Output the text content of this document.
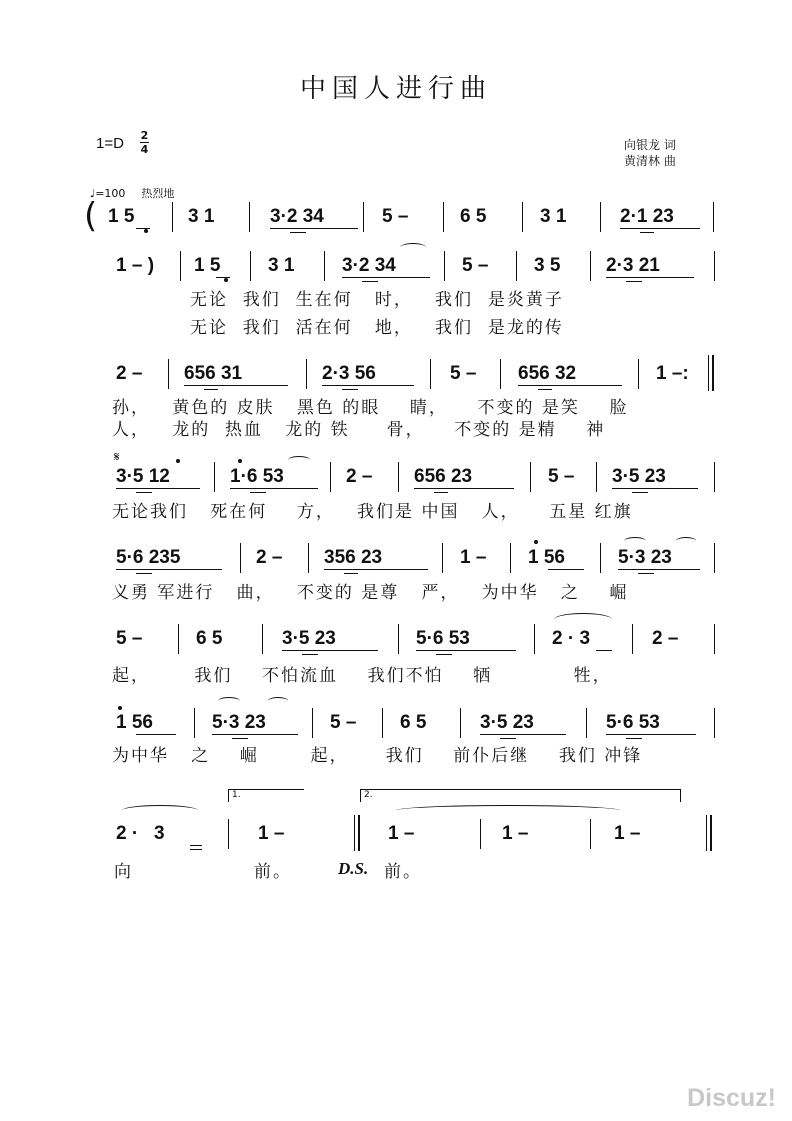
中国人进行曲
1=D 2
4	向银龙 词
黄清林 曲
♩=100 热烈地
( 1 5	3 1	3·2 34	5 –	6 5	3 1	2·1 23
1 – ) 1 5	3 1	3·2 34	5 – 3 5 2·3 21
无论  我们  生在何   时，   我们  是炎黄子
无论  我们  活在何   地，   我们  是龙的传
2 – 656 31	2·3 56	5 – 656 32	1 –:
孙，   黄色的 皮肤   黑色 的眼    睛，    不变的 是笑    脸
人，   龙的  热血   龙的 铁     骨，    不变的 是精    神
𝄋
3·5 12	1·6 53	2 – 656 23	5 – 3·5 23
无论我们   死在何    方，   我们是 中国   人，    五星 红旗
5·6 235	2 – 356 23	1 – 1 56	5·3 23
义勇 军进行   曲，   不变的 是尊   严，   为中华   之    崛
5 –	6 5	3·5 23	5·6 53	2 · 3	2 –
起，      我们    不怕流血    我们不怕    牺           牲，
1 56	5·3 23	5 – 6 5	3·5 23	5·6 53
为中华   之    崛       起，     我们    前仆后继    我们 冲锋
1.	2.
2 ·   3	1 –	1 –	1 –	1 –
向	前。	D.S. 前。
Discuz!
